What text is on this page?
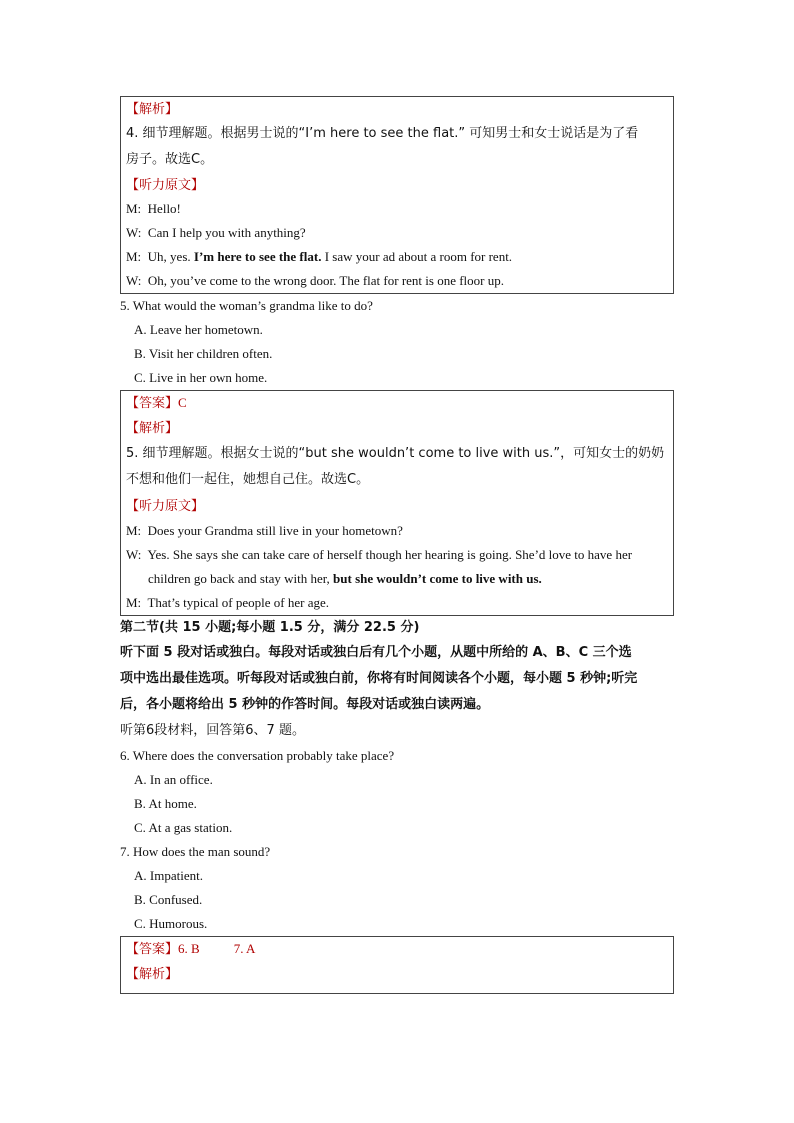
【解析】
4. 细节理解题。根据男士说的“I’m here to see the flat.” 可知男士和女士说话是为了看
房子。故选C。
【听力原文】
M: Hello!
W: Can I help you with anything?
M: Uh, yes. I’m here to see the flat. I saw your ad about a room for rent.
W: Oh, you’ve come to the wrong door. The flat for rent is one floor up.
5. What would the woman’s grandma like to do?
A. Leave her hometown.
B. Visit her children often.
C. Live in her own home.
【答案】C
【解析】
5. 细节理解题。根据女士说的“but she wouldn’t come to live with us.”，可知女士的奶奶
不想和他们一起住，她想自己住。故选C。
【听力原文】
M: Does your Grandma still live in your hometown?
W: Yes. She says she can take care of herself though her hearing is going. She’d love to have her
children go back and stay with her, but she wouldn’t come to live with us.
M: That’s typical of people of her age.
第二节(共 15 小题;每小题 1.5 分，满分 22.5 分)
听下面 5 段对话或独白。每段对话或独白后有几个小题，从题中所给的 A、B、C 三个选
项中选出最佳选项。听每段对话或独白前，你将有时间阅读各个小题，每小题 5 秒钟;听完
后，各小题将给出 5 秒钟的作答时间。每段对话或独白读两遍。
听第6段材料，回答第6、7 题。
6. Where does the conversation probably take place?
A. In an office.
B. At home.
C. At a gas station.
7. How does the man sound?
A. Impatient.
B. Confused.
C. Humorous.
【答案】6. B	7. A
【解析】
